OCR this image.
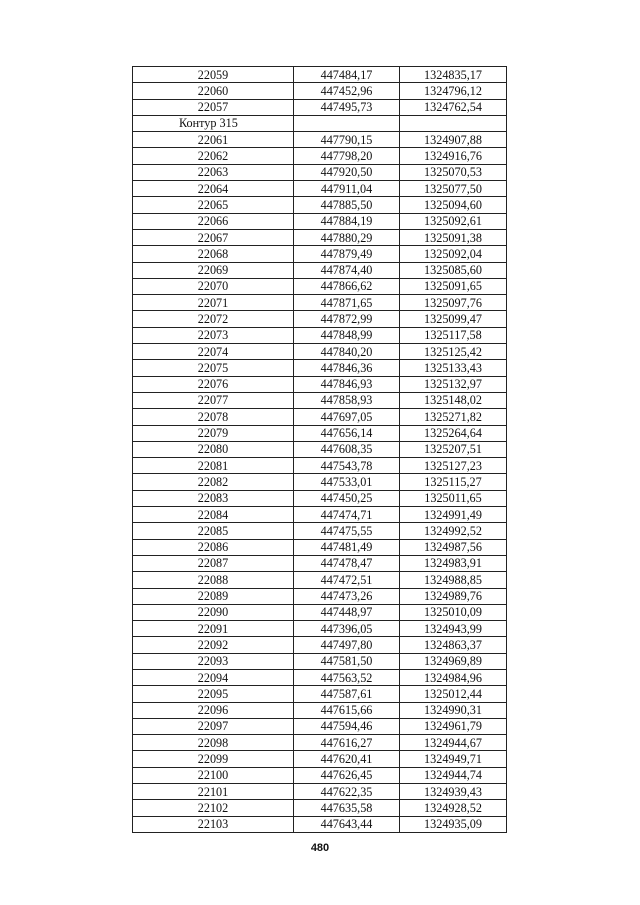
22059	447484,17	1324835,17
22060	447452,96	1324796,12
22057	447495,73	1324762,54
Контур 315		
22061	447790,15	1324907,88
22062	447798,20	1324916,76
22063	447920,50	1325070,53
22064	447911,04	1325077,50
22065	447885,50	1325094,60
22066	447884,19	1325092,61
22067	447880,29	1325091,38
22068	447879,49	1325092,04
22069	447874,40	1325085,60
22070	447866,62	1325091,65
22071	447871,65	1325097,76
22072	447872,99	1325099,47
22073	447848,99	1325117,58
22074	447840,20	1325125,42
22075	447846,36	1325133,43
22076	447846,93	1325132,97
22077	447858,93	1325148,02
22078	447697,05	1325271,82
22079	447656,14	1325264,64
22080	447608,35	1325207,51
22081	447543,78	1325127,23
22082	447533,01	1325115,27
22083	447450,25	1325011,65
22084	447474,71	1324991,49
22085	447475,55	1324992,52
22086	447481,49	1324987,56
22087	447478,47	1324983,91
22088	447472,51	1324988,85
22089	447473,26	1324989,76
22090	447448,97	1325010,09
22091	447396,05	1324943,99
22092	447497,80	1324863,37
22093	447581,50	1324969,89
22094	447563,52	1324984,96
22095	447587,61	1325012,44
22096	447615,66	1324990,31
22097	447594,46	1324961,79
22098	447616,27	1324944,67
22099	447620,41	1324949,71
22100	447626,45	1324944,74
22101	447622,35	1324939,43
22102	447635,58	1324928,52
22103	447643,44	1324935,09
480
